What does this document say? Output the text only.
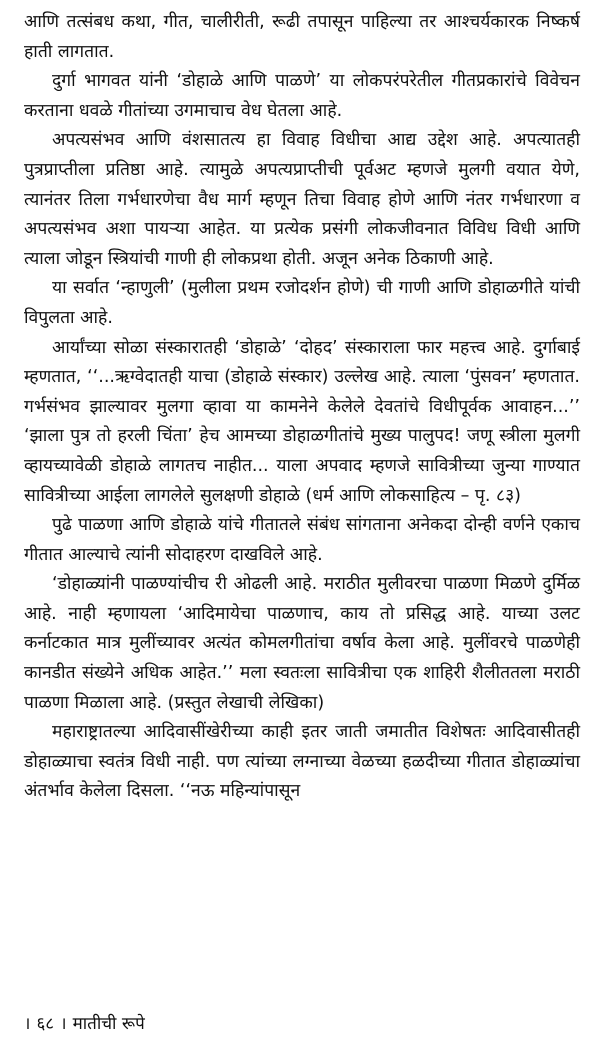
आणि तत्संबध कथा, गीत, चालीरीती, रूढी तपासून पाहिल्या तर आश्चर्यकारक निष्कर्ष हाती लागतात.

दुर्गा भागवत यांनी ‘डोहाळे आणि पाळणे’ या लोकपरंपरेतील गीतप्रकारांचे विवेचन करताना धवळे गीतांच्या उगमाचाच वेध घेतला आहे.

अपत्यसंभव आणि वंशसातत्य हा विवाह विधीचा आद्य उद्देश आहे. अपत्यातही पुत्रप्राप्तीला प्रतिष्ठा आहे. त्यामुळे अपत्यप्राप्तीची पूर्वअट म्हणजे मुलगी वयात येणे, त्यानंतर तिला गर्भधारणेचा वैध मार्ग म्हणून तिचा विवाह होणे आणि नंतर गर्भधारणा व अपत्यसंभव अशा पायऱ्या आहेत. या प्रत्येक प्रसंगी लोकजीवनात विविध विधी आणि त्याला जोडून स्त्रियांची गाणी ही लोकप्रथा होती. अजून अनेक ठिकाणी आहे.

या सर्वात ‘न्हाणुली’ (मुलीला प्रथम रजोदर्शन होणे) ची गाणी आणि डोहाळगीते यांची विपुलता आहे.

आर्यांच्या सोळा संस्कारातही ‘डोहाळे’ ‘दोहद’ संस्काराला फार महत्त्व आहे. दुर्गाबाई म्हणतात, ‘‘...ऋग्वेदातही याचा (डोहाळे संस्कार) उल्लेख आहे. त्याला ‘पुंसवन’ म्हणतात. गर्भसंभव झाल्यावर मुलगा व्हावा या कामनेने केलेले देवतांचे विधीपूर्वक आवाहन...’’ ‘झाला पुत्र तो हरली चिंता’ हेच आमच्या डोहाळगीतांचे मुख्य पालुपद! जणू स्त्रीला मुलगी व्हायच्यावेळी डोहाळे लागतच नाहीत... याला अपवाद म्हणजे सावित्रीच्या जुन्या गाण्यात सावित्रीच्या आईला लागलेले सुलक्षणी डोहाळे (धर्म आणि लोकसाहित्य – पृ. ८३)

पुढे पाळणा आणि डोहाळे यांचे गीतातले संबंध सांगताना अनेकदा दोन्ही वर्णने एकाच गीतात आल्याचे त्यांनी सोदाहरण दाखविले आहे.

‘डोहाळ्यांनी पाळण्यांचीच री ओढली आहे. मराठीत मुलीवरचा पाळणा मिळणे दुर्मिळ आहे. नाही म्हणायला ‘आदिमायेचा पाळणाच, काय तो प्रसिद्ध आहे. याच्या उलट कर्नाटकात मात्र मुलींच्यावर अत्यंत कोमलगीतांचा वर्षाव केला आहे. मुलींवरचे पाळणेही कानडीत संख्येने अधिक आहेत.’’ मला स्वतःला सावित्रीचा एक शाहिरी शैलीततला मराठी पाळणा मिळाला आहे. (प्रस्तुत लेखाची लेखिका)

महाराष्ट्रातल्या आदिवासींखेरीच्या काही इतर जाती जमातीत विशेषतः आदिवासीतही डोहाळ्याचा स्वतंत्र विधी नाही. पण त्यांच्या लग्नाच्या वेळच्या हळदीच्या गीतात डोहाळ्यांचा अंतर्भाव केलेला दिसला. ‘‘नऊ महिन्यांपासून

। ६८ । मातीची रूपे
